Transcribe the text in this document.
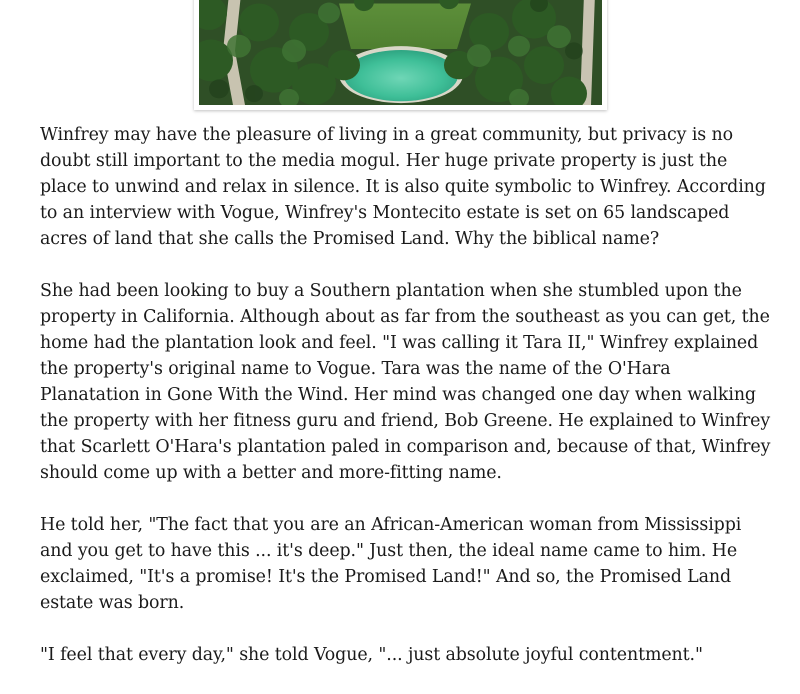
Winfrey may have the pleasure of living in a great community, but privacy is no doubt still important to the media mogul. Her huge private property is just the place to unwind and relax in silence. It is also quite symbolic to Winfrey. According to an interview with Vogue, Winfrey's Montecito estate is set on 65 landscaped acres of land that she calls the Promised Land. Why the biblical name?

She had been looking to buy a Southern plantation when she stumbled upon the property in California. Although about as far from the southeast as you can get, the home had the plantation look and feel. "I was calling it Tara II," Winfrey explained the property's original name to Vogue. Tara was the name of the O'Hara Planatation in Gone With the Wind. Her mind was changed one day when walking the property with her fitness guru and friend, Bob Greene. He explained to Winfrey that Scarlett O'Hara's plantation paled in comparison and, because of that, Winfrey should come up with a better and more-fitting name.

He told her, "The fact that you are an African-American woman from Mississippi and you get to have this ... it's deep." Just then, the ideal name came to him. He exclaimed, "It's a promise! It's the Promised Land!" And so, the Promised Land estate was born.

"I feel that every day," she told Vogue, "... just absolute joyful contentment."
